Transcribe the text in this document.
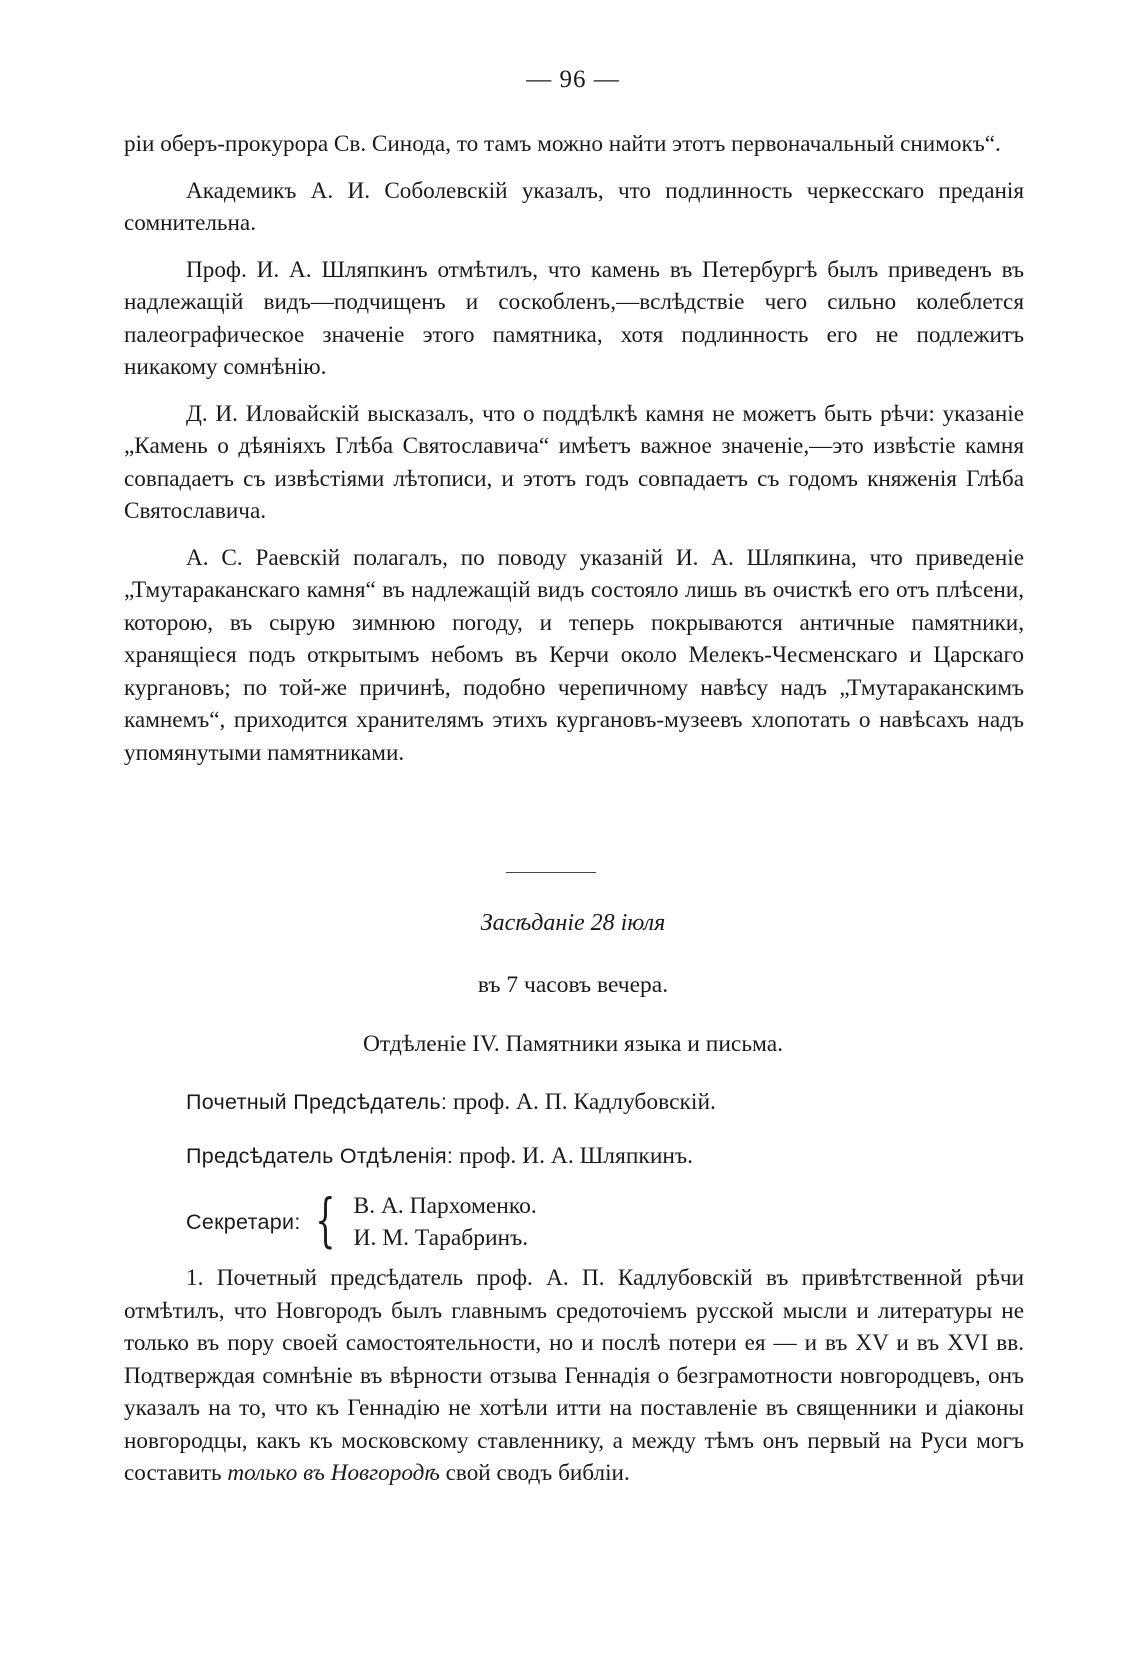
— 96 —

ріи оберъ-прокурора Св. Синода, то тамъ можно найти этотъ первоначальный снимокъ“.

Академикъ А. И. Соболевскій указалъ, что подлинность черкесскаго преданія сомнительна.

Проф. И. А. Шляпкинъ отмѣтилъ, что камень въ Петербургѣ былъ приведенъ въ надлежащій видъ—подчищенъ и соскобленъ,—вслѣдствіе чего сильно колеблется палеографическое значеніе этого памятника, хотя подлинность его не подлежитъ никакому сомнѣнію.

Д. И. Иловайскій высказалъ, что о поддѣлкѣ камня не можетъ быть рѣчи: указаніе „Камень о дѣяніяхъ Глѣба Святославича“ имѣетъ важное значеніе,—это извѣстіе камня совпадаетъ съ извѣстіями лѣтописи, и этотъ годъ совпадаетъ съ годомъ княженія Глѣба Святославича.

А. С. Раевскій полагалъ, по поводу указаній И. А. Шляпкина, что приведеніе „Тмутараканскаго камня“ въ надлежащій видъ состояло лишь въ очисткѣ его отъ плѣсени, которою, въ сырую зимнюю погоду, и теперь покрываются античные памятники, хранящіеся подъ открытымъ небомъ въ Керчи около Мелекъ-Чесменскаго и Царскаго кургановъ; по той-же причинѣ, подобно черепичному навѣсу надъ „Тмутараканскимъ камнемъ“, приходится хранителямъ этихъ кургановъ-музеевъ хлопотать о навѣсахъ надъ упомянутыми памятниками.

Засѣданіе 28 іюля
въ 7 часовъ вечера.
Отдѣленіе IV. Памятники языка и письма.
Почетный Предсѣдатель: проф. А. П. Кадлубовскій.
Предсѣдатель Отдѣленія: проф. И. А. Шляпкинъ.
Секретари: { В. А. Пархоменко.
И. М. Тарабринъ.

1. Почетный предсѣдатель проф. А. П. Кадлубовскій въ привѣтственной рѣчи отмѣтилъ, что Новгородъ былъ главнымъ средоточіемъ русской мысли и литературы не только въ пору своей самостоятельности, но и послѣ потери ея — и въ XV и въ XVI вв. Подтверждая сомнѣніе въ вѣрности отзыва Геннадія о безграмотности новгородцевъ, онъ указалъ на то, что къ Геннадію не хотѣли итти на поставленіе въ священники и діаконы новгородцы, какъ къ московскому ставленнику, а между тѣмъ онъ первый на Руси могъ составить только въ Новгородѣ свой сводъ библіи.
